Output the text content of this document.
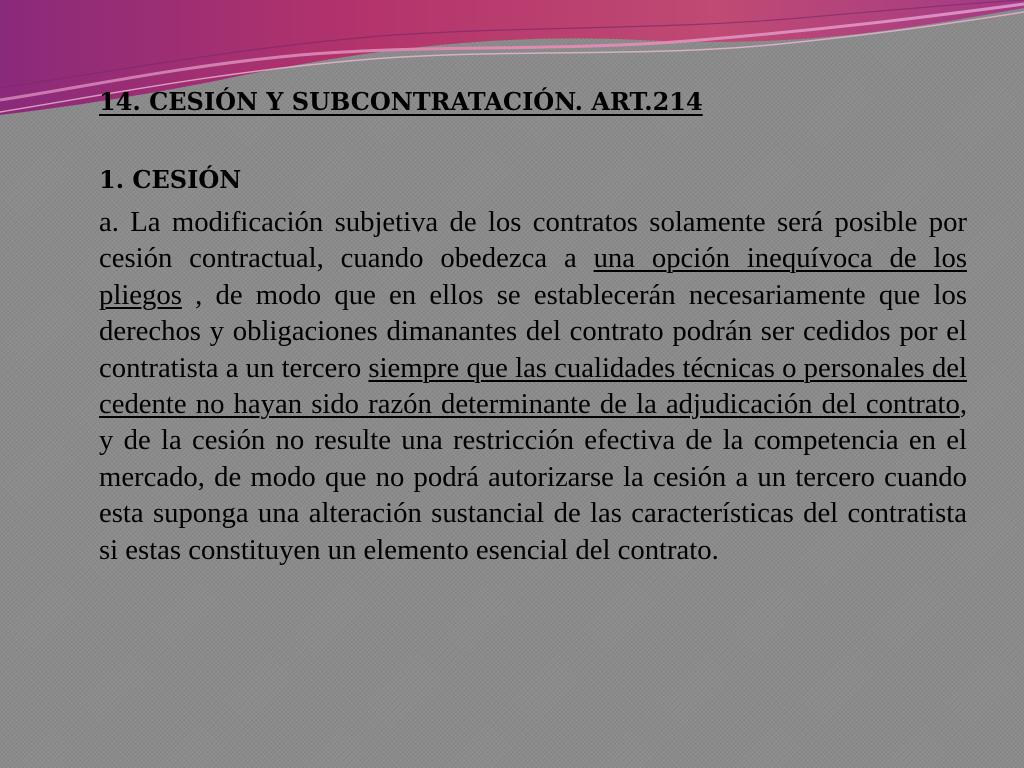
14. CESIÓN Y SUBCONTRATACIÓN. ART.214
1. CESIÓN

a. La modificación subjetiva de los contratos solamente será posible por cesión contractual, cuando obedezca a una opción inequívoca de los pliegos , de modo que en ellos se establecerán necesariamente que los derechos y obligaciones dimanantes del contrato podrán ser cedidos por el contratista a un tercero siempre que las cualidades técnicas o personales del cedente no hayan sido razón determinante de la adjudicación del contrato, y de la cesión no resulte una restricción efectiva de la competencia en el mercado, de modo que no podrá autorizarse la cesión a un tercero cuando esta suponga una alteración sustancial de las características del contratista si estas constituyen un elemento esencial del contrato.
